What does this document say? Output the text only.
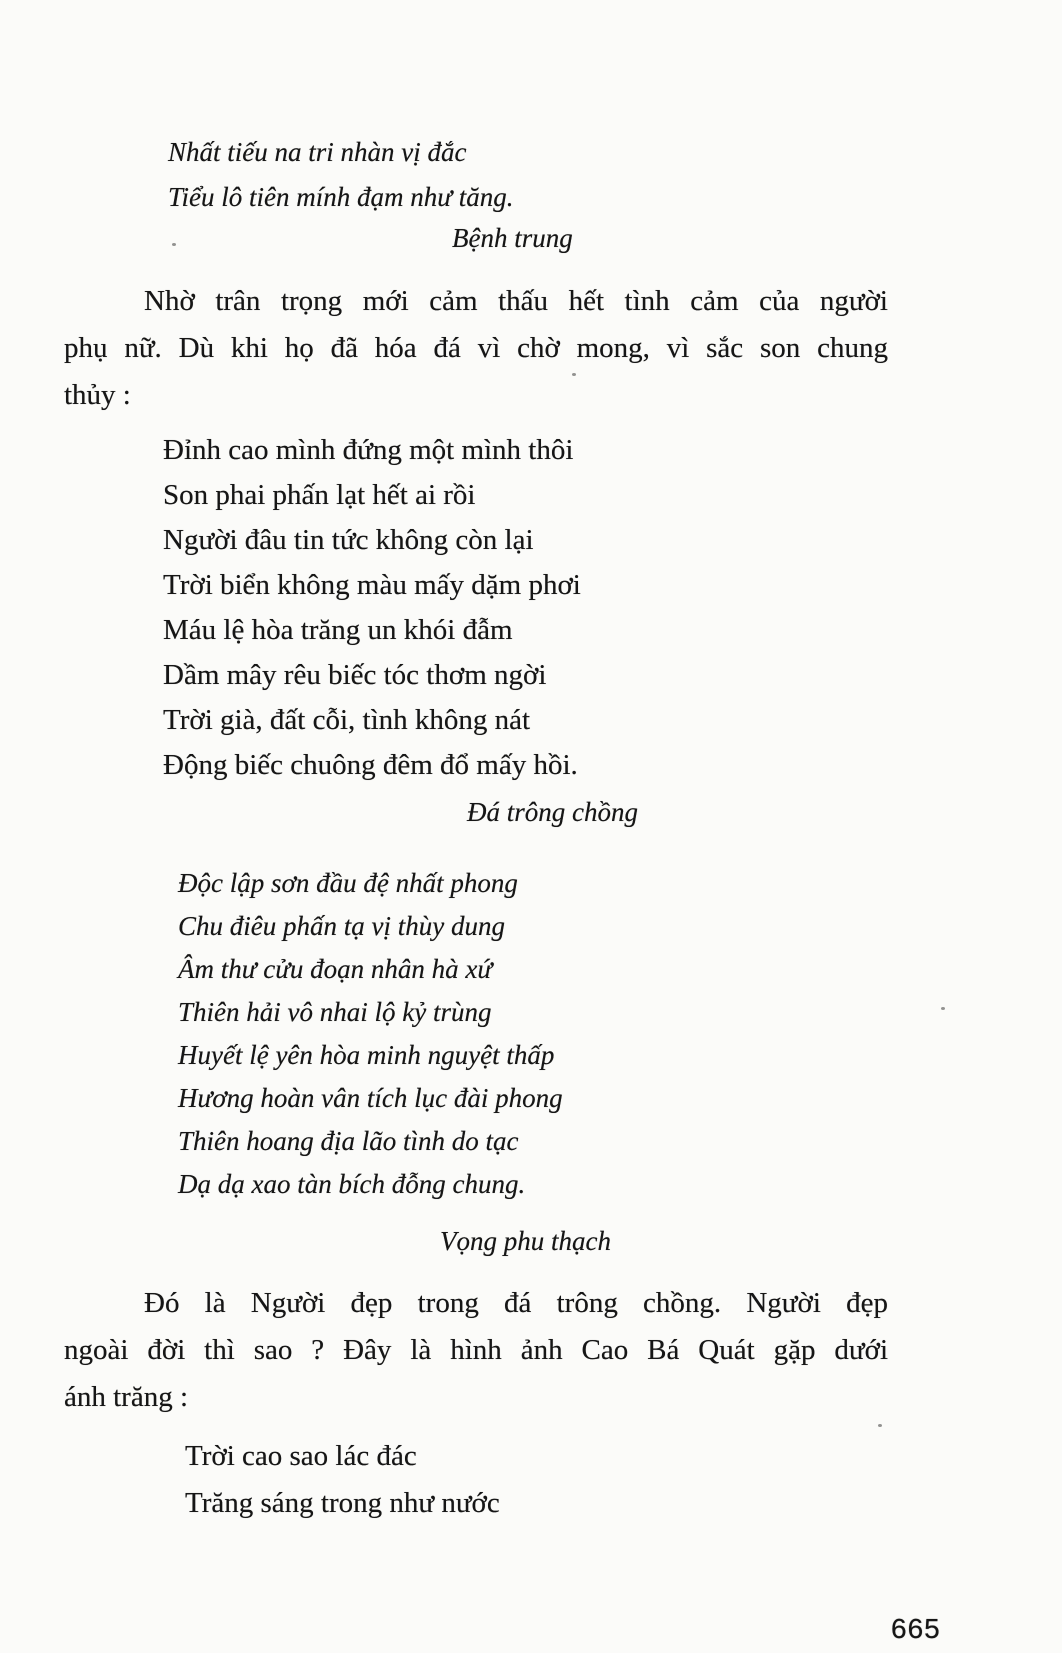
Nhất tiếu na tri nhàn vị đắc
Tiểu lô tiên mính đạm như tăng.
Bệnh trung
Nhờ trân trọng mới cảm thấu hết tình cảm của người
phụ nữ. Dù khi họ đã hóa đá vì chờ mong, vì sắc son chung
thủy :
Đỉnh cao mình đứng một mình thôi
Son phai phấn lạt hết ai rồi
Người đâu tin tức không còn lại
Trời biển không màu mấy dặm phơi
Máu lệ hòa trăng un khói đẫm
Dầm mây rêu biếc tóc thơm ngời
Trời già, đất cỗi, tình không nát
Động biếc chuông đêm đổ mấy hồi.
Đá trông chồng
Độc lập sơn đầu đệ nhất phong
Chu điêu phấn tạ vị thùy dung
Âm thư cửu đoạn nhân hà xứ
Thiên hải vô nhai lộ kỷ trùng
Huyết lệ yên hòa minh nguyệt thấp
Hương hoàn vân tích lục đài phong
Thiên hoang địa lão tình do tạc
Dạ dạ xao tàn bích đỗng chung.
Vọng phu thạch
Đó là Người đẹp trong đá trông chồng. Người đẹp
ngoài đời thì sao ? Đây là hình ảnh Cao Bá Quát gặp dưới
ánh trăng :
Trời cao sao lác đác
Trăng sáng trong như nước
665
